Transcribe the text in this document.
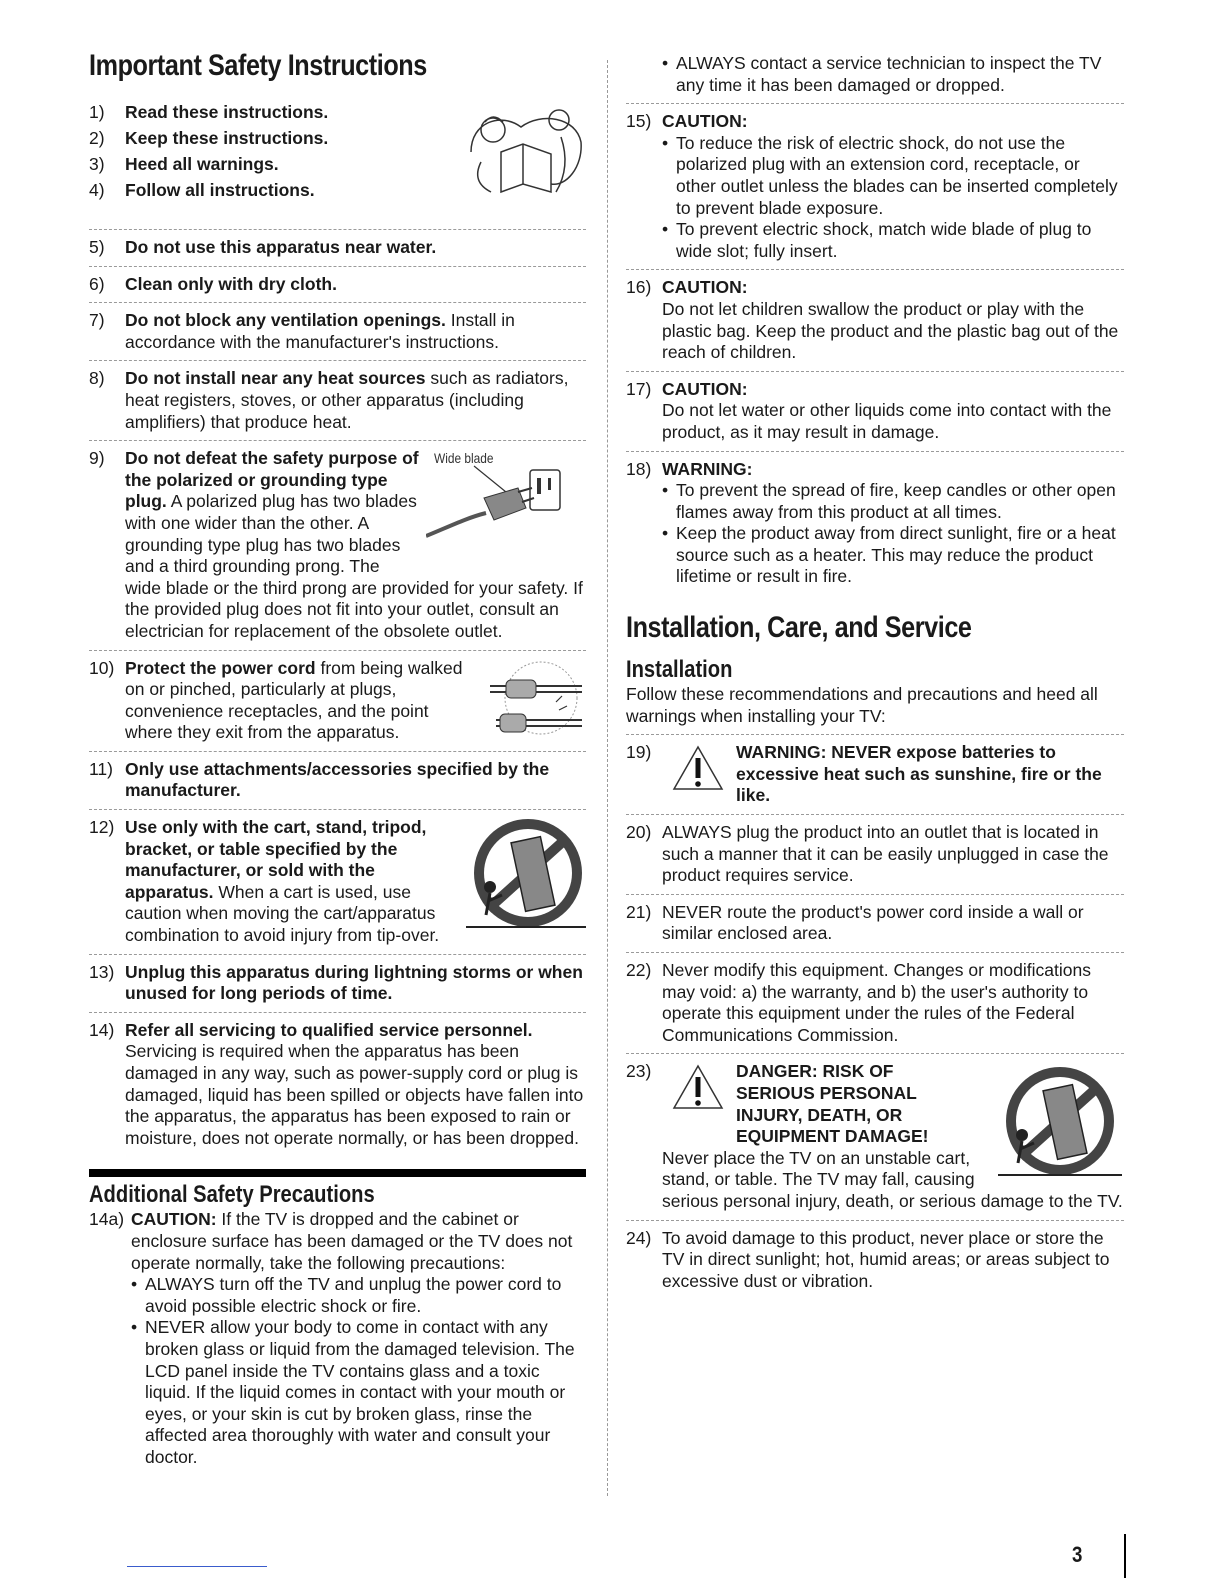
Important Safety Instructions
1)	Read these instructions.
2)	Keep these instructions.
3)	Heed all warnings.
4)	Follow all instructions.
5)	Do not use this apparatus near water.
6)	Clean only with dry cloth.
7)	Do not block any ventilation openings. Install in accordance with the manufacturer's instructions.
8)	Do not install near any heat sources such as radiators, heat registers, stoves, or other apparatus (including amplifiers) that produce heat.
9)	Wide blade
Do not defeat the safety purpose of the polarized or grounding type plug. A polarized plug has two blades with one wider than the other. A grounding type plug has two blades and a third grounding prong. The wide blade or the third prong are provided for your safety. If the provided plug does not fit into your outlet, consult an electrician for replacement of the obsolete outlet.
10) Protect the power cord from being walked on or pinched, particularly at plugs, convenience receptacles, and the point where they exit from the apparatus.
11) Only use attachments/accessories specified by the manufacturer.
12) Use only with the cart, stand, tripod, bracket, or table specified by the manufacturer, or sold with the apparatus. When a cart is used, use caution when moving the cart/apparatus combination to avoid injury from tip-over.
13) Unplug this apparatus during lightning storms or when unused for long periods of time.
14) Refer all servicing to qualified service personnel. Servicing is required when the apparatus has been damaged in any way, such as power-supply cord or plug is damaged, liquid has been spilled or objects have fallen into the apparatus, the apparatus has been exposed to rain or moisture, does not operate normally, or has been dropped.
Additional Safety Precautions
14a) CAUTION: If the TV is dropped and the cabinet or enclosure surface has been damaged or the TV does not operate normally, take the following precautions:
• ALWAYS turn off the TV and unplug the power cord to avoid possible electric shock or fire.
• NEVER allow your body to come in contact with any broken glass or liquid from the damaged television. The LCD panel inside the TV contains glass and a toxic liquid. If the liquid comes in contact with your mouth or eyes, or your skin is cut by broken glass, rinse the affected area thoroughly with water and consult your doctor.
• ALWAYS contact a service technician to inspect the TV any time it has been damaged or dropped.
15) CAUTION:
• To reduce the risk of electric shock, do not use the polarized plug with an extension cord, receptacle, or other outlet unless the blades can be inserted completely to prevent blade exposure.
• To prevent electric shock, match wide blade of plug to wide slot; fully insert.
16) CAUTION:
Do not let children swallow the product or play with the plastic bag. Keep the product and the plastic bag out of the reach of children.
17) CAUTION:
Do not let water or other liquids come into contact with the product, as it may result in damage.
18) WARNING:
• To prevent the spread of fire, keep candles or other open flames away from this product at all times.
• Keep the product away from direct sunlight, fire or a heat source such as a heater. This may reduce the product lifetime or result in fire.
Installation, Care, and Service
Installation
Follow these recommendations and precautions and heed all warnings when installing your TV:
19)	WARNING: NEVER expose batteries to excessive heat such as sunshine, fire or the like.
20) ALWAYS plug the product into an outlet that is located in such a manner that it can be easily unplugged in case the product requires service.
21) NEVER route the product's power cord inside a wall or similar enclosed area.
22) Never modify this equipment. Changes or modifications may void: a) the warranty, and b) the user's authority to operate this equipment under the rules of the Federal Communications Commission.
23)	DANGER: RISK OF SERIOUS PERSONAL INJURY, DEATH, OR EQUIPMENT DAMAGE!
Never place the TV on an unstable cart, stand, or table. The TV may fall, causing serious personal injury, death, or serious damage to the TV.
24) To avoid damage to this product, never place or store the TV in direct sunlight; hot, humid areas; or areas subject to excessive dust or vibration.
3
